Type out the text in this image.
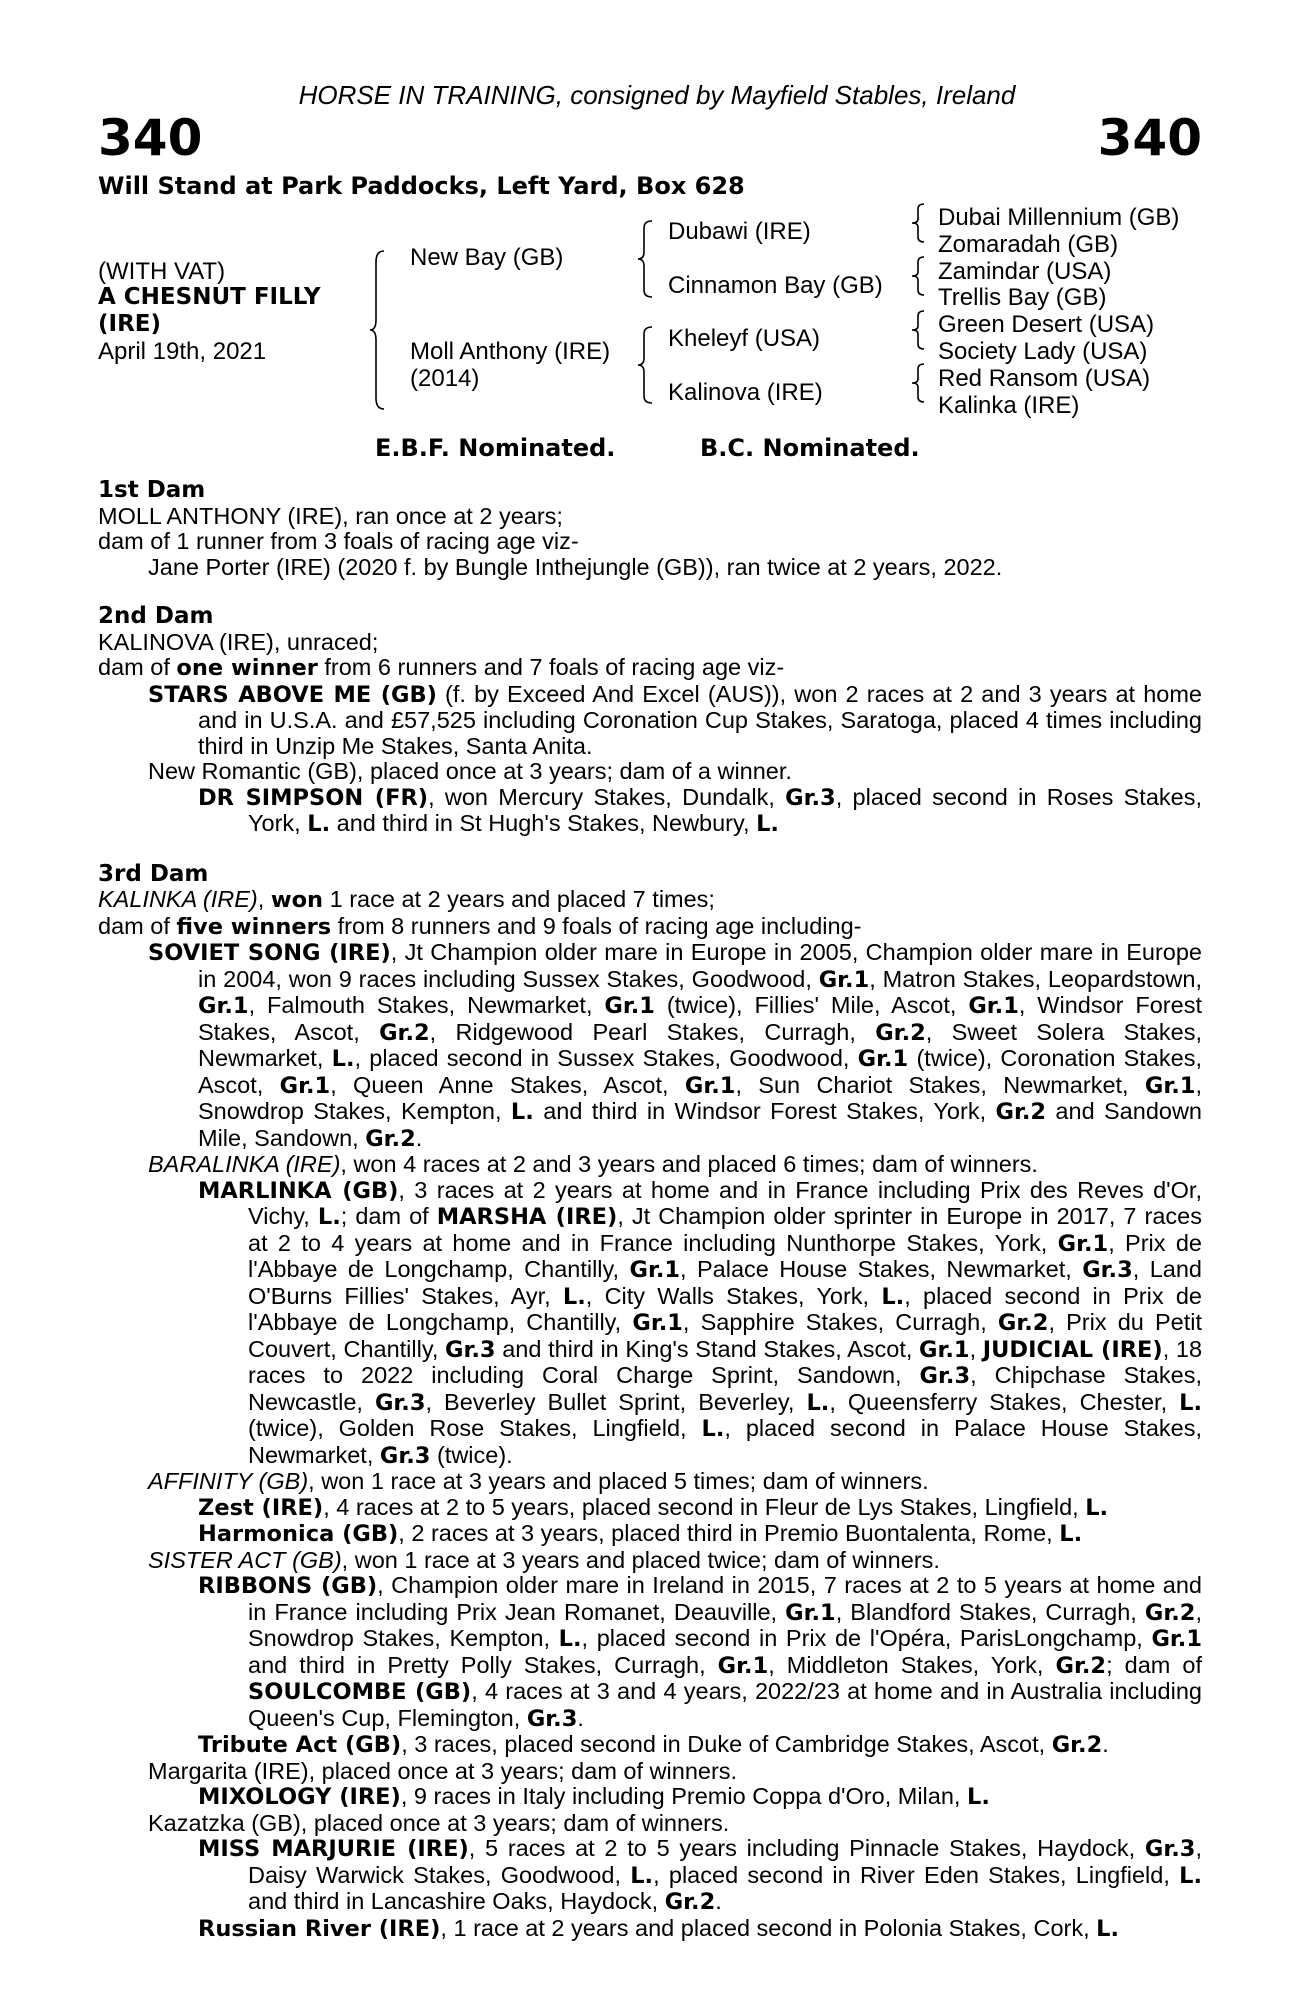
HORSE IN TRAINING, consigned by Mayfield Stables, Ireland
340	340
Will Stand at Park Paddocks, Left Yard, Box 628
(WITH VAT)
A CHESNUT FILLY
(IRE)
April 19th, 2021
New Bay (GB)
Moll Anthony (IRE)
(2014)
Dubawi (IRE)
Cinnamon Bay (GB)
Kheleyf (USA)
Kalinova (IRE)
Dubai Millennium (GB)
Zomaradah (GB)
Zamindar (USA)
Trellis Bay (GB)
Green Desert (USA)
Society Lady (USA)
Red Ransom (USA)
Kalinka (IRE)
E.B.F. Nominated.	B.C. Nominated.
1st Dam
MOLL ANTHONY (IRE), ran once at 2 years;
dam of 1 runner from 3 foals of racing age viz-
Jane Porter (IRE) (2020 f. by Bungle Inthejungle (GB)), ran twice at 2 years, 2022.
2nd Dam
KALINOVA (IRE), unraced;
dam of one winner from 6 runners and 7 foals of racing age viz-
STARS ABOVE ME (GB) (f. by Exceed And Excel (AUS)), won 2 races at 2 and 3 years at home and in U.S.A. and £57,525 including Coronation Cup Stakes, Saratoga, placed 4 times including third in Unzip Me Stakes, Santa Anita.
New Romantic (GB), placed once at 3 years; dam of a winner.
DR SIMPSON (FR), won Mercury Stakes, Dundalk, Gr.3, placed second in Roses Stakes, York, L. and third in St Hugh's Stakes, Newbury, L.
3rd Dam
KALINKA (IRE), won 1 race at 2 years and placed 7 times;
dam of five winners from 8 runners and 9 foals of racing age including-
SOVIET SONG (IRE), Jt Champion older mare in Europe in 2005, Champion older mare in Europe in 2004, won 9 races including Sussex Stakes, Goodwood, Gr.1, Matron Stakes, Leopardstown, Gr.1, Falmouth Stakes, Newmarket, Gr.1 (twice), Fillies' Mile, Ascot, Gr.1, Windsor Forest Stakes, Ascot, Gr.2, Ridgewood Pearl Stakes, Curragh, Gr.2, Sweet Solera Stakes, Newmarket, L., placed second in Sussex Stakes, Goodwood, Gr.1 (twice), Coronation Stakes, Ascot, Gr.1, Queen Anne Stakes, Ascot, Gr.1, Sun Chariot Stakes, Newmarket, Gr.1, Snowdrop Stakes, Kempton, L. and third in Windsor Forest Stakes, York, Gr.2 and Sandown Mile, Sandown, Gr.2.
BARALINKA (IRE), won 4 races at 2 and 3 years and placed 6 times; dam of winners.
MARLINKA (GB), 3 races at 2 years at home and in France including Prix des Reves d'Or, Vichy, L.; dam of MARSHA (IRE), Jt Champion older sprinter in Europe in 2017, 7 races at 2 to 4 years at home and in France including Nunthorpe Stakes, York, Gr.1, Prix de l'Abbaye de Longchamp, Chantilly, Gr.1, Palace House Stakes, Newmarket, Gr.3, Land O'Burns Fillies' Stakes, Ayr, L., City Walls Stakes, York, L., placed second in Prix de l'Abbaye de Longchamp, Chantilly, Gr.1, Sapphire Stakes, Curragh, Gr.2, Prix du Petit Couvert, Chantilly, Gr.3 and third in King's Stand Stakes, Ascot, Gr.1, JUDICIAL (IRE), 18 races to 2022 including Coral Charge Sprint, Sandown, Gr.3, Chipchase Stakes, Newcastle, Gr.3, Beverley Bullet Sprint, Beverley, L., Queensferry Stakes, Chester, L. (twice), Golden Rose Stakes, Lingfield, L., placed second in Palace House Stakes, Newmarket, Gr.3 (twice).
AFFINITY (GB), won 1 race at 3 years and placed 5 times; dam of winners.
Zest (IRE), 4 races at 2 to 5 years, placed second in Fleur de Lys Stakes, Lingfield, L.
Harmonica (GB), 2 races at 3 years, placed third in Premio Buontalenta, Rome, L.
SISTER ACT (GB), won 1 race at 3 years and placed twice; dam of winners.
RIBBONS (GB), Champion older mare in Ireland in 2015, 7 races at 2 to 5 years at home and in France including Prix Jean Romanet, Deauville, Gr.1, Blandford Stakes, Curragh, Gr.2, Snowdrop Stakes, Kempton, L., placed second in Prix de l'Opéra, ParisLongchamp, Gr.1 and third in Pretty Polly Stakes, Curragh, Gr.1, Middleton Stakes, York, Gr.2; dam of SOULCOMBE (GB), 4 races at 3 and 4 years, 2022/23 at home and in Australia including Queen's Cup, Flemington, Gr.3.
Tribute Act (GB), 3 races, placed second in Duke of Cambridge Stakes, Ascot, Gr.2.
Margarita (IRE), placed once at 3 years; dam of winners.
MIXOLOGY (IRE), 9 races in Italy including Premio Coppa d'Oro, Milan, L.
Kazatzka (GB), placed once at 3 years; dam of winners.
MISS MARJURIE (IRE), 5 races at 2 to 5 years including Pinnacle Stakes, Haydock, Gr.3, Daisy Warwick Stakes, Goodwood, L., placed second in River Eden Stakes, Lingfield, L. and third in Lancashire Oaks, Haydock, Gr.2.
Russian River (IRE), 1 race at 2 years and placed second in Polonia Stakes, Cork, L.
